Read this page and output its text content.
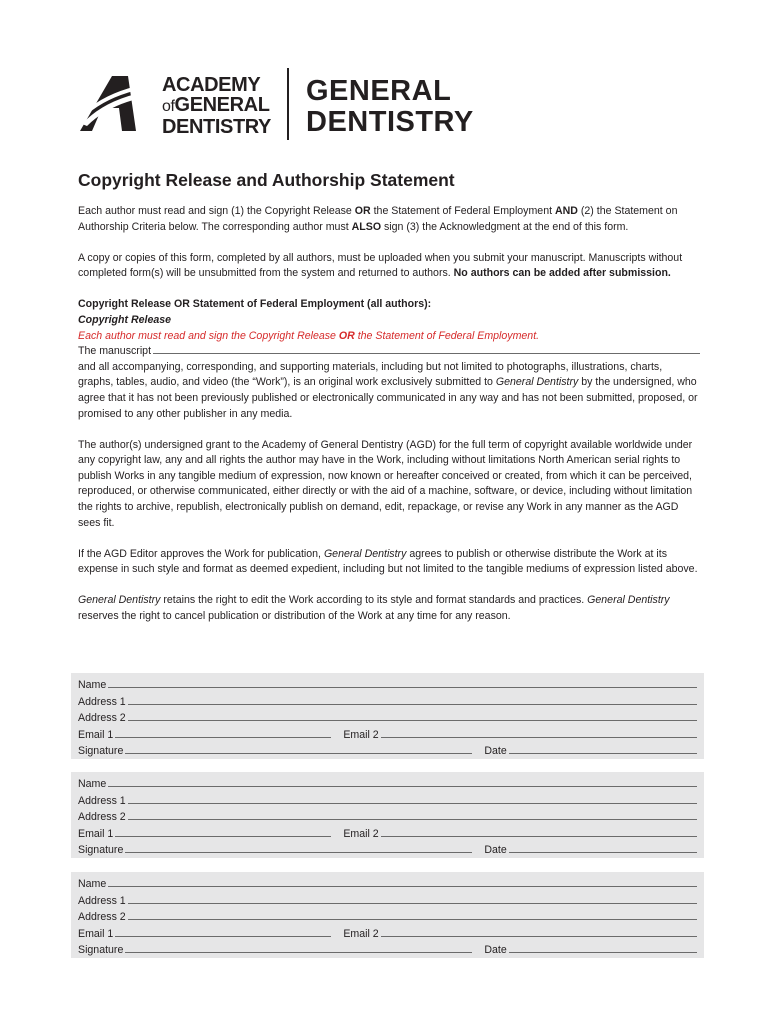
ACADEMY
ofGENERAL
DENTISTRY
GENERAL
DENTISTRY
Copyright Release and Authorship Statement

Each author must read and sign (1) the Copyright Release OR the Statement of Federal Employment AND (2) the Statement on Authorship Criteria below. The corresponding author must ALSO sign (3) the Acknowledgment at the end of this form.

A copy or copies of this form, completed by all authors, must be uploaded when you submit your manuscript. Manuscripts without completed form(s) will be unsubmitted from the system and returned to authors. No authors can be added after submission.

Copyright Release OR Statement of Federal Employment (all authors):
Copyright Release
Each author must read and sign the Copyright Release OR the Statement of Federal Employment.
The manuscript

and all accompanying, corresponding, and supporting materials, including but not limited to photographs, illustrations, charts, graphs, tables, audio, and video (the “Work”), is an original work exclusively submitted to General Dentistry by the undersigned, who agree that it has not been previously published or electronically communicated in any way and has not been submitted, proposed, or promised to any other publisher in any media.

The author(s) undersigned grant to the Academy of General Dentistry (AGD) for the full term of copyright available worldwide under any copyright law, any and all rights the author may have in the Work, including without limitations North American serial rights to publish Works in any tangible medium of expression, now known or hereafter conceived or created, from which it can be perceived, reproduced, or otherwise communicated, either directly or with the aid of a machine, software, or device, including without limitation the rights to archive, republish, electronically publish on demand, edit, repackage, or revise any Work in any manner as the AGD sees fit.

If the AGD Editor approves the Work for publication, General Dentistry agrees to publish or otherwise distribute the Work at its expense in such style and format as deemed expedient, including but not limited to the tangible mediums of expression listed above.

General Dentistry retains the right to edit the Work according to its style and format standards and practices. General Dentistry reserves the right to cancel publication or distribution of the Work at any time for any reason.

Name
Address 1
Address 2
Email 1	Email 2
Signature	Date
Name
Address 1
Address 2
Email 1	Email 2
Signature	Date
Name
Address 1
Address 2
Email 1	Email 2
Signature	Date
